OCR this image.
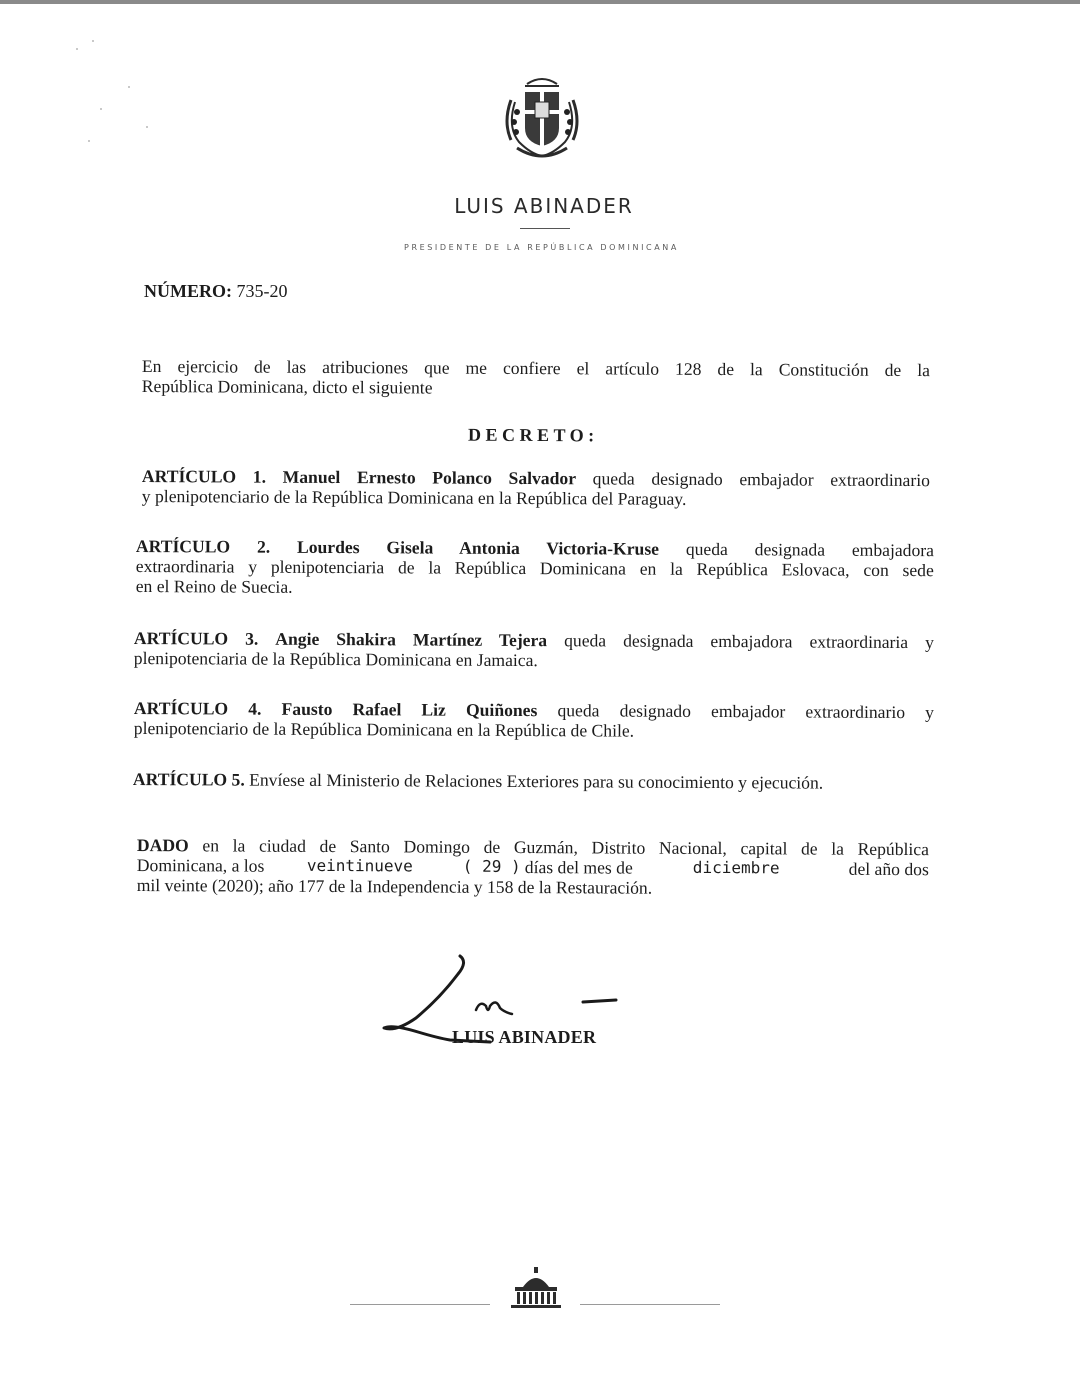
LUIS ABINADER
PRESIDENTE DE LA REPÚBLICA DOMINICANA
NÚMERO: 735-20
En ejercicio de las atribuciones que me confiere el artículo 128 de la Constitución de la
República Dominicana, dicto el siguiente
DECRETO:
ARTÍCULO 1. Manuel Ernesto Polanco Salvador queda designado embajador extraordinario
y plenipotenciario de la República Dominicana en la República del Paraguay.
ARTÍCULO 2. Lourdes Gisela Antonia Victoria-Kruse queda designada embajadora
extraordinaria y plenipotenciaria de la República Dominicana en la República Eslovaca, con sede
en el Reino de Suecia.
ARTÍCULO 3. Angie Shakira Martínez Tejera queda designada embajadora extraordinaria y
plenipotenciaria de la República Dominicana en Jamaica.
ARTÍCULO 4. Fausto Rafael Liz Quiñones queda designado embajador extraordinario y
plenipotenciario de la República Dominicana en la República de Chile.
ARTÍCULO 5. Envíese al Ministerio de Relaciones Exteriores para su conocimiento y ejecución.
DADO en la ciudad de Santo Domingo de Guzmán, Distrito Nacional, capital de la República
Dominicana, a los	veintinueve	( 29 ) días del mes de	diciembre	del año dos
mil veinte (2020); año 177 de la Independencia y 158 de la Restauración.
LUIS ABINADER
